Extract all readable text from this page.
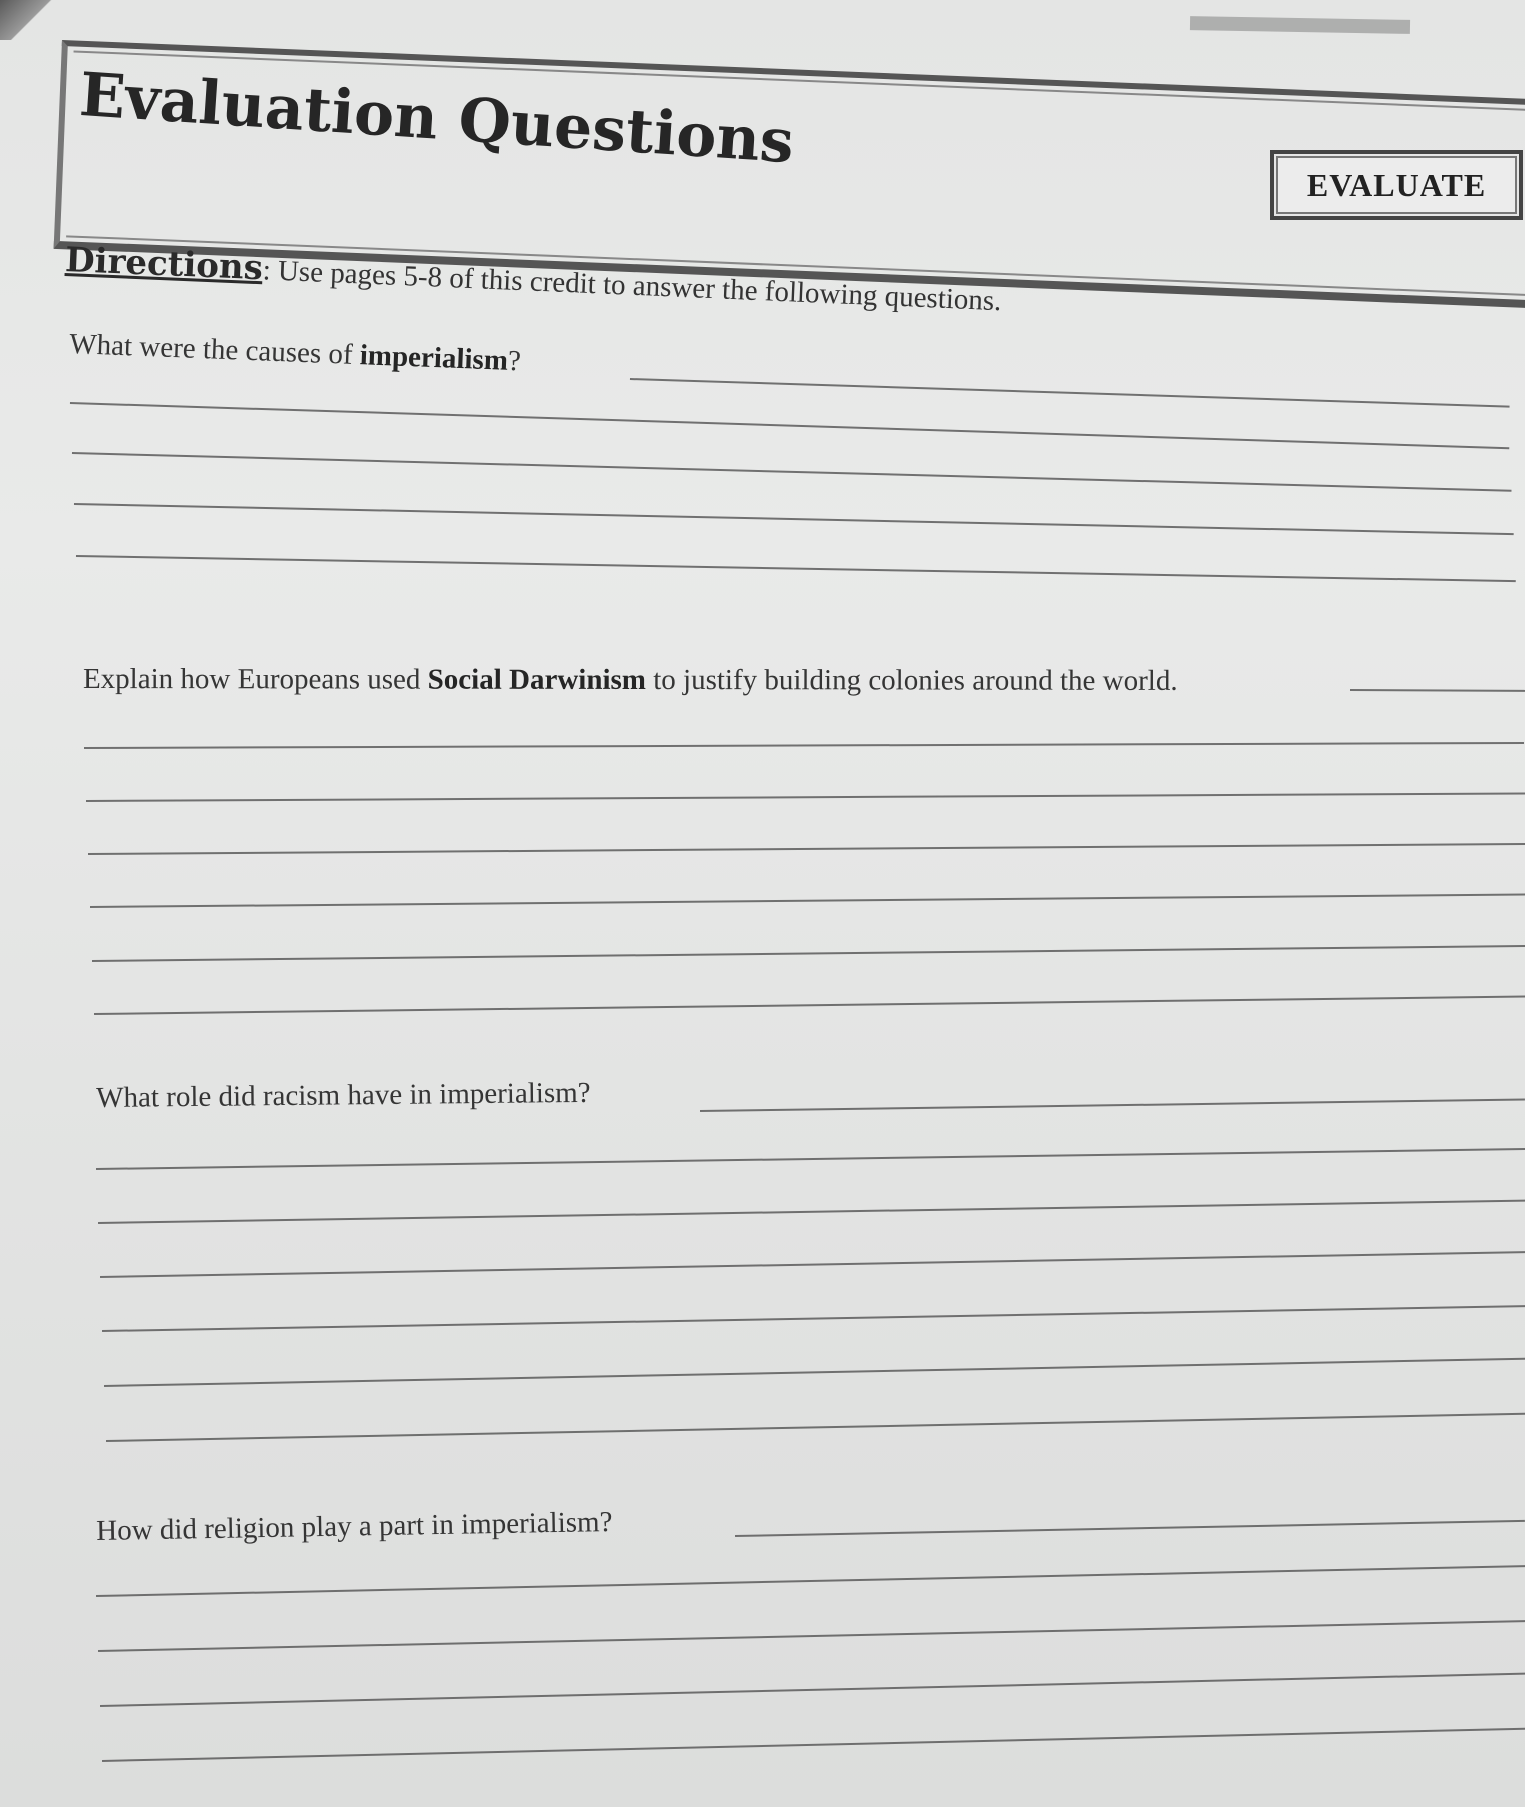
Evaluation Questions
EVALUATE
Directions: Use pages 5-8 of this credit to answer the following questions.
What were the causes of imperialism?
Explain how Europeans used Social Darwinism to justify building colonies around the world.
What role did racism have in imperialism?
How did religion play a part in imperialism?
